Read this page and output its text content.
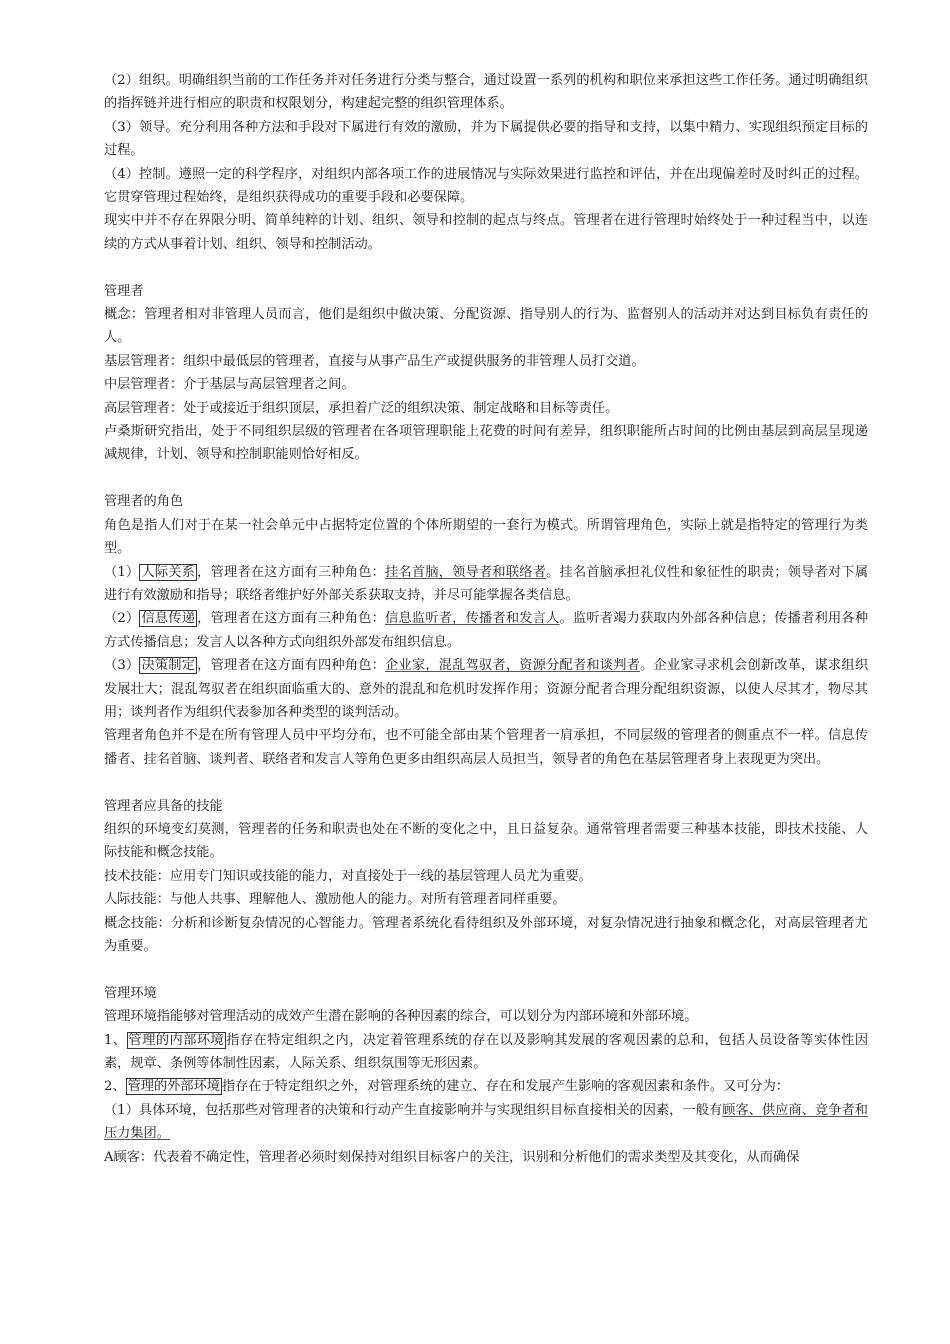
（2）组织。明确组织当前的工作任务并对任务进行分类与整合，通过设置一系列的机构和职位来承担这些工作任务。通过明确组织的指挥链并进行相应的职责和权限划分，构建起完整的组织管理体系。

（3）领导。充分利用各种方法和手段对下属进行有效的激励，并为下属提供必要的指导和支持，以集中精力、实现组织预定目标的过程。

（4）控制。遵照一定的科学程序，对组织内部各项工作的进展情况与实际效果进行监控和评估，并在出现偏差时及时纠正的过程。它贯穿管理过程始终，是组织获得成功的重要手段和必要保障。

现实中并不存在界限分明、简单纯粹的计划、组织、领导和控制的起点与终点。管理者在进行管理时始终处于一种过程当中，以连续的方式从事着计划、组织、领导和控制活动。

管理者

概念：管理者相对非管理人员而言，他们是组织中做决策、分配资源、指导别人的行为、监督别人的活动并对达到目标负有责任的人。

基层管理者：组织中最低层的管理者，直接与从事产品生产或提供服务的非管理人员打交道。

中层管理者：介于基层与高层管理者之间。

高层管理者：处于或接近于组织顶层，承担着广泛的组织决策、制定战略和目标等责任。

卢桑斯研究指出，处于不同组织层级的管理者在各项管理职能上花费的时间有差异，组织职能所占时间的比例由基层到高层呈现递减规律，计划、领导和控制职能则恰好相反。

管理者的角色

角色是指人们对于在某一社会单元中占据特定位置的个体所期望的一套行为模式。所谓管理角色，实际上就是指特定的管理行为类型。

（1） 人际关系 ，管理者在这方面有三种角色：挂名首脑，领导者和联络者。挂名首脑承担礼仪性和象征性的职责；领导者对下属进行有效激励和指导；联络者维护好外部关系获取支持，并尽可能掌握各类信息。

（2） 信息传递 ，管理者在这方面有三种角色：信息监听者，传播者和发言人。监听者竭力获取内外部各种信息；传播者利用各种方式传播信息；发言人以各种方式向组织外部发布组织信息。

（3） 决策制定 ，管理者在这方面有四种角色：企业家，混乱驾驭者，资源分配者和谈判者。企业家寻求机会创新改革，谋求组织发展壮大；混乱驾驭者在组织面临重大的、意外的混乱和危机时发挥作用；资源分配者合理分配组织资源，以使人尽其才，物尽其用；谈判者作为组织代表参加各种类型的谈判活动。

管理者角色并不是在所有管理人员中平均分布，也不可能全部由某个管理者一肩承担，不同层级的管理者的侧重点不一样。信息传播者、挂名首脑、谈判者、联络者和发言人等角色更多由组织高层人员担当，领导者的角色在基层管理者身上表现更为突出。

管理者应具备的技能

组织的环境变幻莫测，管理者的任务和职责也处在不断的变化之中，且日益复杂。通常管理者需要三种基本技能，即技术技能、人际技能和概念技能。

技术技能：应用专门知识或技能的能力，对直接处于一线的基层管理人员尤为重要。

人际技能：与他人共事、理解他人、激励他人的能力。对所有管理者同样重要。

概念技能：分析和诊断复杂情况的心智能力。管理者系统化看待组织及外部环境，对复杂情况进行抽象和概念化，对高层管理者尤为重要。

管理环境

管理环境指能够对管理活动的成效产生潜在影响的各种因素的综合，可以划分为内部环境和外部环境。

1、 管理的内部环境 指存在特定组织之内，决定着管理系统的存在以及影响其发展的客观因素的总和，包括人员设备等实体性因素，规章、条例等体制性因素，人际关系、组织氛围等无形因素。

2、 管理的外部环境 指存在于特定组织之外，对管理系统的建立、存在和发展产生影响的客观因素和条件。又可分为：

（1）具体环境，包括那些对管理者的决策和行动产生直接影响并与实现组织目标直接相关的因素，一般有顾客、供应商、竞争者和压力集团。

A顾客：代表着不确定性，管理者必须时刻保持对组织目标客户的关注，识别和分析他们的需求类型及其变化，从而确保
